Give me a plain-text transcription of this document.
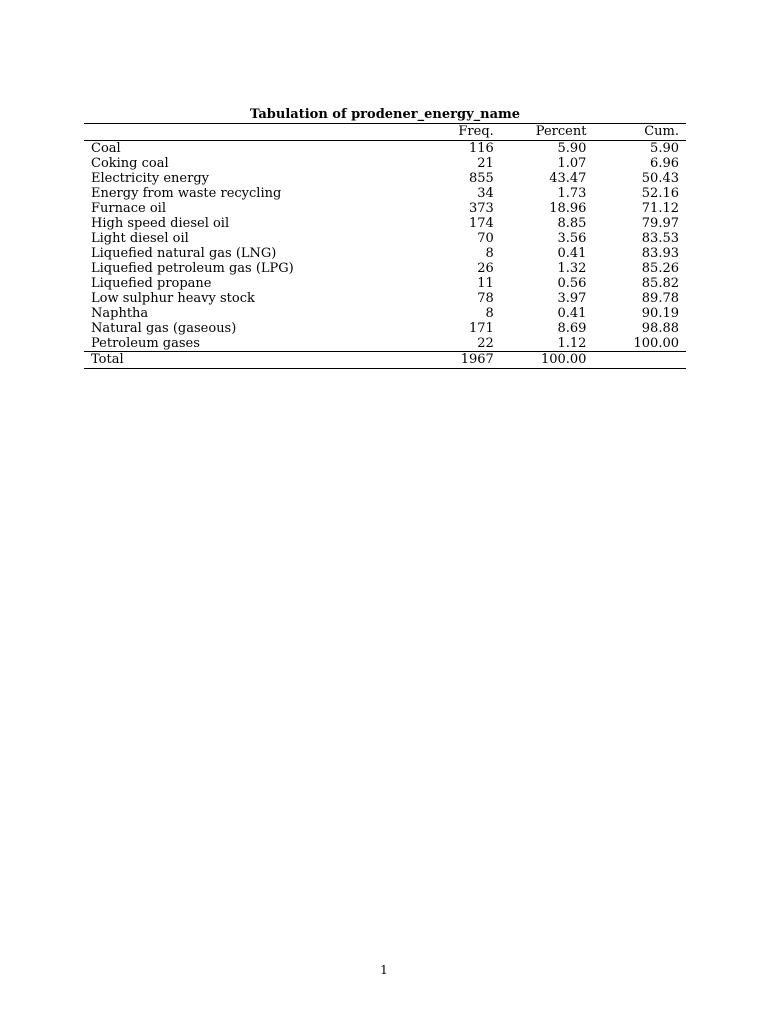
Tabulation of prodener_energy_name
	Freq.	Percent	Cum.
Coal	116	5.90	5.90
Coking coal	21	1.07	6.96
Electricity energy	855	43.47	50.43
Energy from waste recycling	34	1.73	52.16
Furnace oil	373	18.96	71.12
High speed diesel oil	174	8.85	79.97
Light diesel oil	70	3.56	83.53
Liquefied natural gas (LNG)	8	0.41	83.93
Liquefied petroleum gas (LPG)	26	1.32	85.26
Liquefied propane	11	0.56	85.82
Low sulphur heavy stock	78	3.97	89.78
Naphtha	8	0.41	90.19
Natural gas (gaseous)	171	8.69	98.88
Petroleum gases	22	1.12	100.00
Total	1967	100.00	
1
